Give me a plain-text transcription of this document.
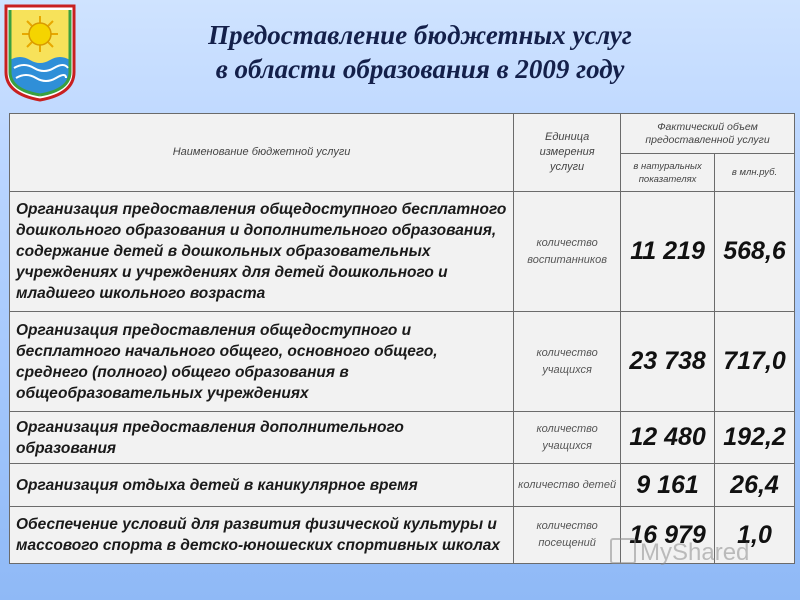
Предоставление бюджетных услуг
в области образования в 2009 году
Наименование бюджетной услуги	Единица измерения услуги	Фактический объем предоставленной услуги	
		в натуральных показателях	в млн.руб.
Организация предоставления общедоступного бесплатного дошкольного образования и дополнительного образования, содержание детей в дошкольных образовательных учреждениях и учреждениях для детей дошкольного и младшего школьного возраста	количество воспитанников	11 219	568,6
Организация предоставления общедоступного и бесплатного начального общего, основного общего, среднего (полного) общего образования в общеобразовательных учреждениях	количество учащихся	23 738	717,0
Организация предоставления дополнительного образования	количество учащихся	12 480	192,2
Организация отдыха детей в каникулярное время	количество детей	9 161	26,4
Обеспечение условий для развития физической культуры и массового спорта в детско-юношеских спортивных школах	количество посещений	16 979	1,0
MyShared
